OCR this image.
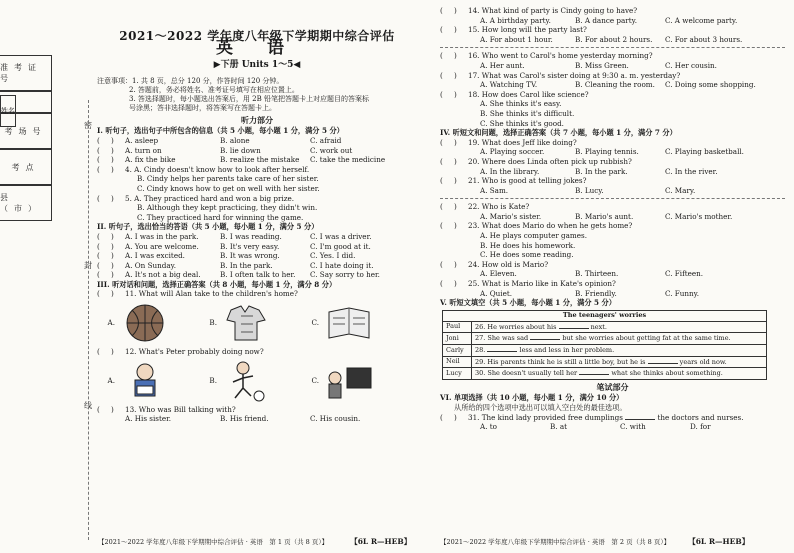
准考证号
考场号
考点
县（市）
姓名
密
封
线
2021～2022 学年度八年级下学期期中综合评估
英 语
▶下册 Units 1～5◀
注意事项：1. 共 8 页，总分 120 分，作答时间 120 分钟。
2. 答题前，务必将姓名、准考证号填写在相应位置上。
3. 答选择题时，每小题选出答案后，用 2B 铅笔把答题卡上对应题目的答案标
号涂黑；答非选择题时，将答案写在答题卡上。
听力部分
I. 听句子，选出句子中所包含的信息（共 5 小题，每小题 1 分，满分 5 分）
(	)	A. asleep	B. alone	C. afraid
(	)	A. turn on	B. lie down	C. work out
(	)	A. fix the bike	B. realize the mistake	C. take the medicine
(	)	4. A. Cindy doesn't know how to look after herself.
B. Cindy helps her parents take care of her sister.
C. Cindy knows how to get on well with her sister.
(	)	5. A. They practiced hard and won a big prize.
B. Although they kept practicing, they didn't win.
C. They practiced hard for winning the game.
II. 听句子，选出恰当的答语（共 5 小题，每小题 1 分，满分 5 分）
(	)	A. I was in the park.	B. I was reading.	C. I was a driver.
(	)	A. You are welcome.	B. It's very easy.	C. I'm good at it.
(	)	A. I was excited.	B. It was wrong.	C. Yes. I did.
(	)	A. On Sunday.	B. In the park.	C. I hate doing it.
(	)	A. It's not a big deal.	B. I often talk to her.	C. Say sorry to her.
III. 听对话和问题，选择正确答案（共 8 小题，每小题 1 分，满分 8 分）
(	)	11. What will Alan take to the children's home?
A.	B.	C.
(	)	12. What's Peter probably doing now?
A.	B.	C.
(	)	13. Who was Bill talking with?
A. His sister.	B. His friend.	C. His cousin.
【2021～2022 学年度八年级下学期期中综合评估 · 英语　第 1 页（共 8 页）】	【6L R—HEB】
(	)	14. What kind of party is Cindy going to have?
A. A birthday party.	B. A dance party.	C. A welcome party.
(	)	15. How long will the party last?
A. For about 1 hour.	B. For about 2 hours.	C. For about 3 hours.
(	)	16. Who went to Carol's home yesterday morning?
A. Her aunt.	B. Miss Green.	C. Her cousin.
(	)	17. What was Carol's sister doing at 9:30 a. m. yesterday?
A. Watching TV.	B. Cleaning the room.	C. Doing some shopping.
(	)	18. How does Carol like science?
A. She thinks it's easy.
B. She thinks it's difficult.
C. She thinks it's good.
IV. 听短文和问题，选择正确答案（共 7 小题，每小题 1 分，满分 7 分）
(	)	19. What does Jeff like doing?
A. Playing soccer.	B. Playing tennis.	C. Playing basketball.
(	)	20. Where does Linda often pick up rubbish?
A. In the library.	B. In the park.	C. In the river.
(	)	21. Who is good at telling jokes?
A. Sam.	B. Lucy.	C. Mary.
(	)	22. Who is Kate?
A. Mario's sister.	B. Mario's aunt.	C. Mario's mother.
(	)	23. What does Mario do when he gets home?
A. He plays computer games.
B. He does his homework.
C. He does some reading.
(	)	24. How old is Mario?
A. Eleven.	B. Thirteen.	C. Fifteen.
(	)	25. What is Mario like in Kate's opinion?
A. Quiet.	B. Friendly.	C. Funny.
V. 听短文填空（共 5 小题，每小题 1 分，满分 5 分）
The teenagers' worries	
Paul	26. He worries about his next.
Joni	27. She was sad but she worries about getting fat at the same time.
Carly	28. less and less in her problem.
Neil	29. His parents think he is still a little boy, but he is years old now.
Lucy	30. She doesn't usually tell her what she thinks about something.
笔试部分
VI. 单项选择（共 10 小题，每小题 1 分，满分 10 分）
从所给的四个选项中选出可以填入空白处的最佳选项。
(	)	31. The kind lady provided free dumplings

	the doctors and nurses.
A. to	B. at	C. with	D. for
【2021～2022 学年度八年级下学期期中综合评估 · 英语　第 2 页（共 8 页）】 【6L R—HEB】
